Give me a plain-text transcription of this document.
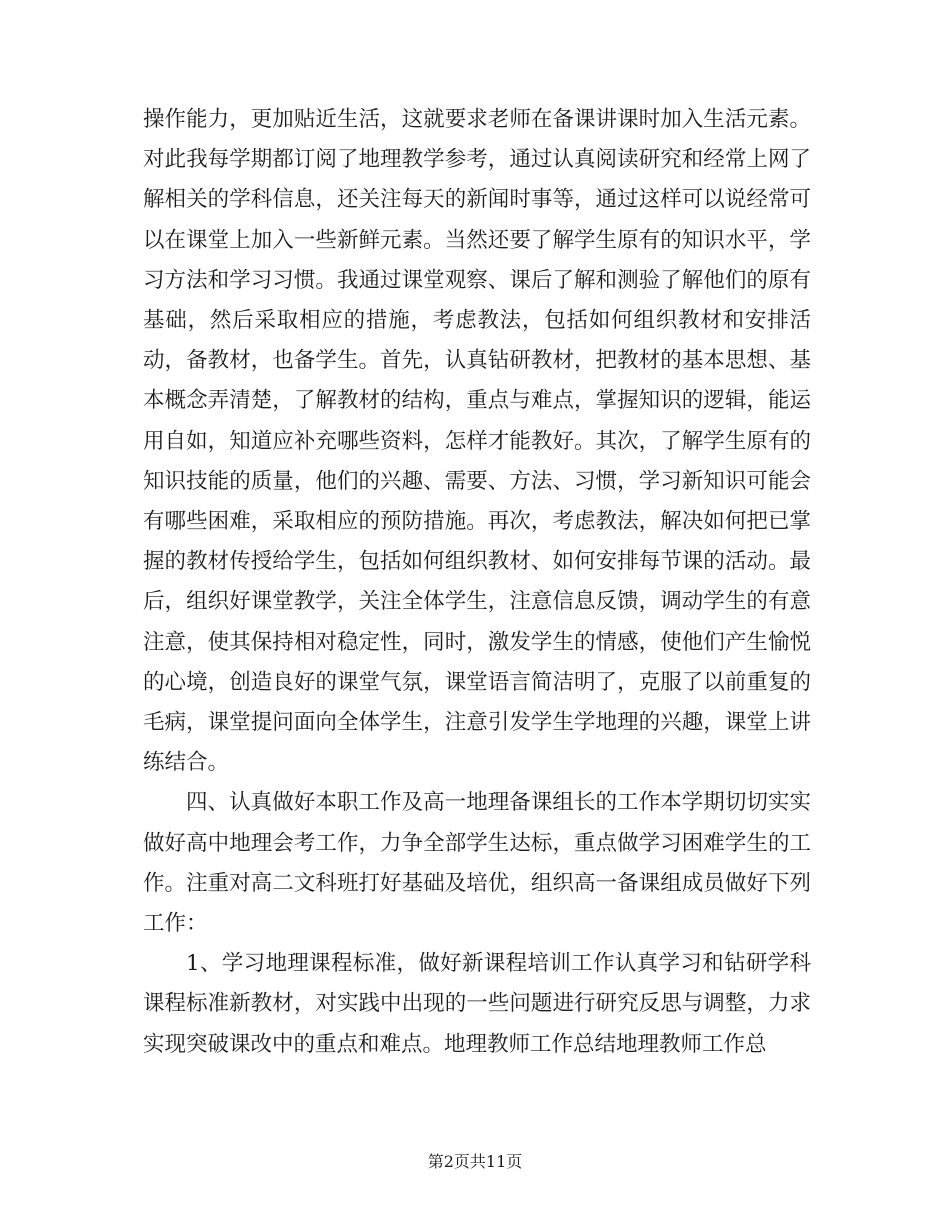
操作能力，更加贴近生活，这就要求老师在备课讲课时加入生活元素。对此我每学期都订阅了地理教学参考，通过认真阅读研究和经常上网了解相关的学科信息，还关注每天的新闻时事等，通过这样可以说经常可以在课堂上加入一些新鲜元素。当然还要了解学生原有的知识水平，学习方法和学习习惯。我通过课堂观察、课后了解和测验了解他们的原有基础，然后采取相应的措施，考虑教法，包括如何组织教材和安排活动，备教材，也备学生。首先，认真钻研教材，把教材的基本思想、基本概念弄清楚，了解教材的结构，重点与难点，掌握知识的逻辑，能运用自如，知道应补充哪些资料，怎样才能教好。其次，了解学生原有的知识技能的质量，他们的兴趣、需要、方法、习惯，学习新知识可能会有哪些困难，采取相应的预防措施。再次，考虑教法，解决如何把已掌握的教材传授给学生，包括如何组织教材、如何安排每节课的活动。最后，组织好课堂教学，关注全体学生，注意信息反馈，调动学生的有意注意，使其保持相对稳定性，同时，激发学生的情感，使他们产生愉悦的心境，创造良好的课堂气氛，课堂语言简洁明了，克服了以前重复的毛病，课堂提问面向全体学生，注意引发学生学地理的兴趣，课堂上讲练结合。

四、认真做好本职工作及高一地理备课组长的工作本学期切切实实做好高中地理会考工作，力争全部学生达标，重点做学习困难学生的工作。注重对高二文科班打好基础及培优，组织高一备课组成员做好下列工作：

1、学习地理课程标准，做好新课程培训工作认真学习和钻研学科课程标准新教材，对实践中出现的一些问题进行研究反思与调整，力求实现突破课改中的重点和难点。地理教师工作总结地理教师工作总

第2页共11页
